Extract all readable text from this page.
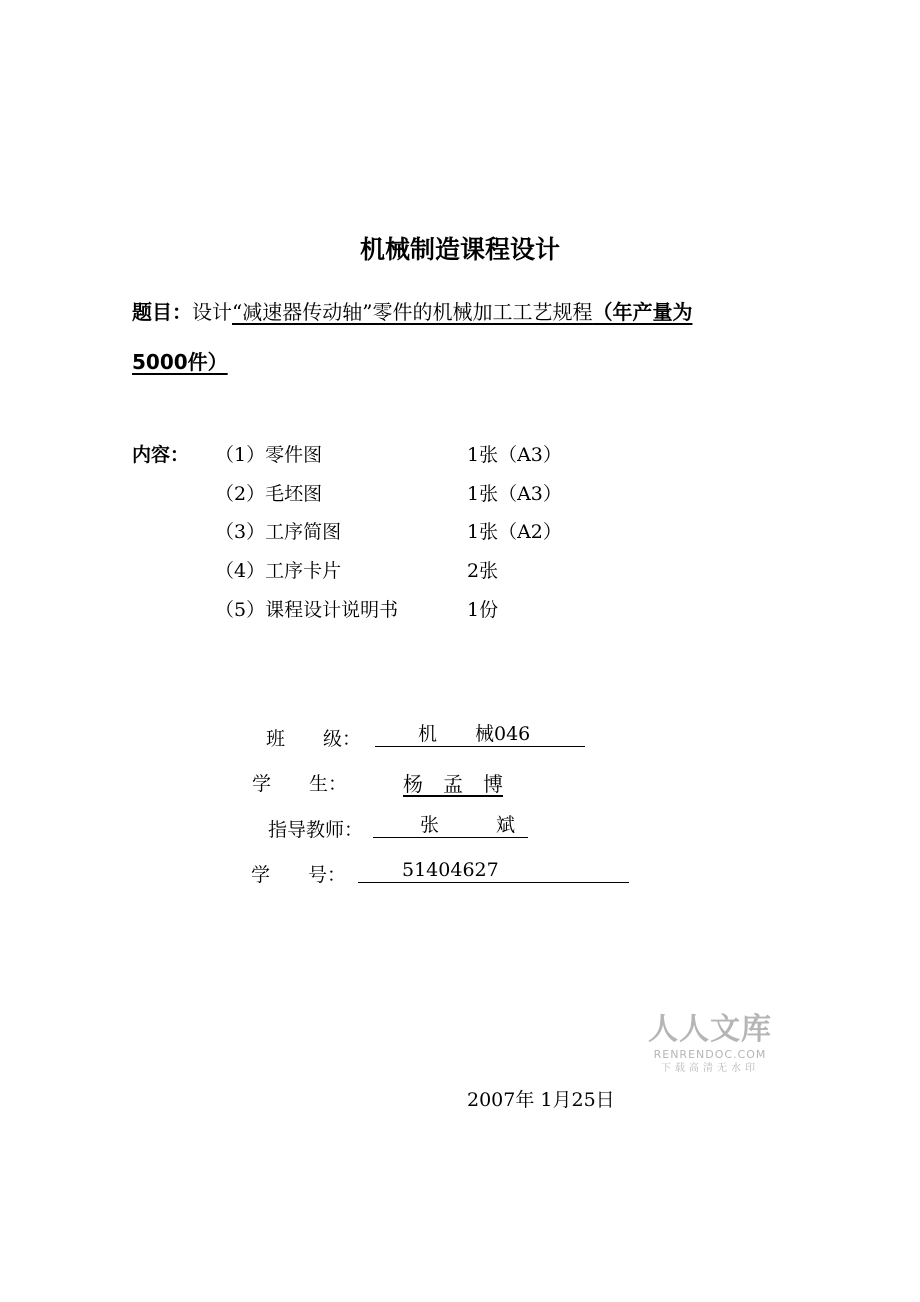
机械制造课程设计
题目：设计“减速器传动轴”零件的机械加工工艺规程（年产量为
5000件）
内容： （1）零件图	1张（A3）
（2）毛坯图	1张（A3）
（3）工序简图	1张（A2）
（4）工序卡片	2张
（5）课程设计说明书	1份
班　　级：	机　　械046
学　　生：	杨　孟　博
指导教师：	张　　　斌
学　　号：	51404627
人人文库
RENRENDOC.COM
下载高清无水印
2007年 1月25日
